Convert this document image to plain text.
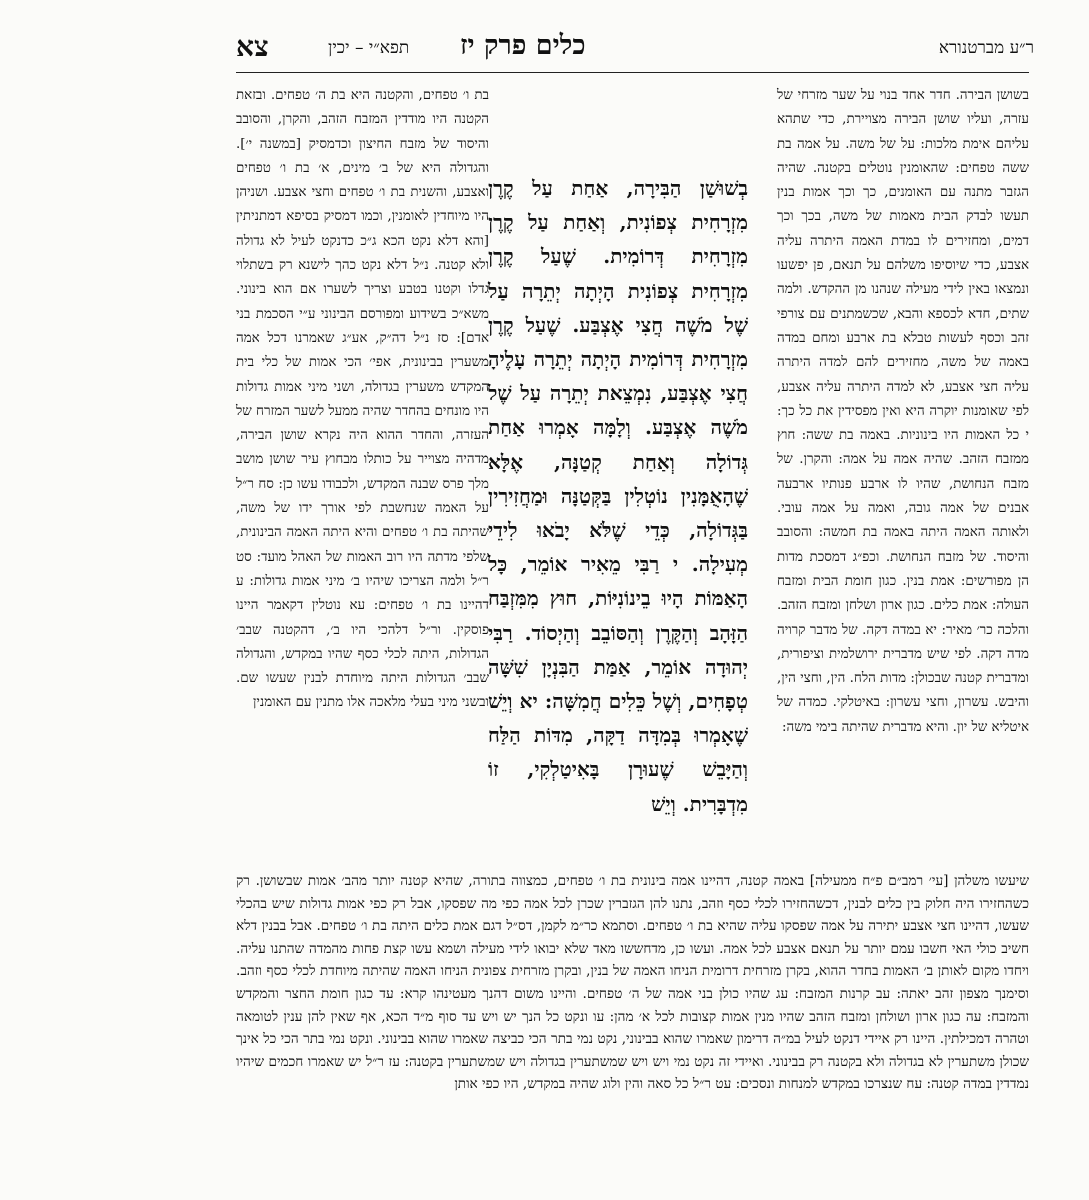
ר״ע מברטנורא
כלים פרק יז
תפא״י – יכין
צא

בשושן הבירה. חדר אחד בנוי על שער מזרחי של עזרה, ועליו שושן הבירה מצויירת, כדי שתהא עליהם אימת מלכות: על של משה. על אמה בת ששה טפחים: שהאומנין נוטלים בקטנה. שהיה הגזבר מתנה עם האומנים, כך וכך אמות בנין תעשו לבדק הבית מאמות של משה, בכך וכך דמים, ומחזירים לו במדת האמה היתרה עליה אצבע, כדי שיוסיפו משלהם על תנאם, פן יפשעו ונמצאו באין לידי מעילה שנהנו מן ההקדש. ולמה שתים, חדא לכספא והבא, שכשמתנים עם צורפי זהב וכסף לעשות טבלא בת ארבע ומחם במדה באמה של משה, מחזירים להם למדה היתרה עליה חצי אצבע, לא למדה היתרה עליה אצבע, לפי שאומנות יוקרה היא ואין מפסידין את כל כך: י כל האמות היו בינוניות. באמה בת ששה: חוץ ממזבח הזהב. שהיה אמה על אמה: והקרן. של מזבח הנחושת, שהיו לו ארבע פנותיו ארבעה אבנים של אמה גובה, ואמה על אמה עובי. ולאותה האמה היתה באמה בת חמשה: והסובב והיסוד. של מזבח הנחושת. וכפ״ג דמסכת מדות הן מפורשים: אמת בנין. כגון חומת הבית ומזבח העולה: אמת כלים. כגון ארון ושלחן ומזבח הזהב. והלכה כר׳ מאיר: יא במדה דקה. של מדבר קרויה מדה דקה. לפי שיש מדברית ירושלמית וציפורית, ומדברית קטנה שבכולן: מדות הלח. הין, וחצי הין, והיבש. עשרון, וחצי עשרון: באיטלקי. כמדה של איטליא של יון. והיא מדברית שהיתה בימי משה:

בְשׁוּשַׁן הַבִּירָה, אַחַת עַל קֶרֶן מִזְרָחִית צְפוֹנִית, וְאַחַת עַל קֶרֶן מִזְרָחִית דְּרוֹמִית. שֶׁעַל קֶרֶן מִזְרָחִית צְפוֹנִית הָיְתָה יְתֵרָה עַל שֶׁל מֹשֶׁה חֲצִי אֶצְבַּע. שֶׁעַל קֶרֶן מִזְרָחִית דְּרוֹמִית הָיְתָה יְתֵרָה עָלֶיהָ חֲצִי אֶצְבַּע, נִמְצֵאת יְתֵרָה עַל שֶׁל מֹשֶׁה אֶצְבַּע. וְלָמָּה אָמְרוּ אַחַת גְּדוֹלָה וְאַחַת קְטַנָּה, אֶלָּא שֶׁהָאֻמָּנִין נוֹטְלִין בַּקְּטַנָּה וּמַחֲזִירִין בַּגְּדוֹלָה, כְּדֵי שֶׁלֹּא יָבֹאוּ לִידֵי מְעִילָה. י רַבִּי מֵאִיר אוֹמֵר, כָּל הָאַמּוֹת הָיוּ בֵינוֹנִיּוֹת, חוּץ מִמִּזְבַּח הַזָּהָב וְהַקֶּרֶן וְהַסּוֹבֵב וְהַיְסוֹד. רַבִּי יְהוּדָה אוֹמֵר, אַמַּת הַבִּנְיָן שִׁשָּׁה טְפָחִים, וְשֶׁל כֵּלִים חֲמִשָּׁה: יא וְיֵשׁ שֶׁאָמְרוּ בְּמִדָּה דַקָּה, מִדּוֹת הַלַּח וְהַיָּבֵשׁ שֶׁעוּרָן בָּאִיטַלְקִי, זוֹ מִדְבָּרִית. וְיֵשׁ

בת ו׳ טפחים, והקטנה היא בת ה׳ טפחים. ובזאת הקטנה היו מודדין המזבח הזהב, והקרן, והסובב והיסוד של מזבח החיצון וכדמסיק [במשנה י׳]. והגדולה היא של ב׳ מינים, א׳ בת ו׳ טפחים ואצבע, והשנית בת ו׳ טפחים וחצי אצבע. ושניהן היו מיוחדין לאומנין, וכמו דמסיק בסיפא דמתניתין [והא דלא נקט הכא ג״כ כדנקט לעיל לא גדולה ולא קטנה. נ״ל דלא נקט כהך לישנא רק בשתלוי גדלו וקטנו בטבע וצריך לשערו אם הוא בינוני. משא״כ בשידוע ומפורסם הבינוני ע״י הסכמת בני אדם]: סז נ״ל דה״ק, אע״ג שאמרנו דכל אמה משערין בבינונית, אפי׳ הכי אמות של כלי בית המקדש משערין בגדולה, ושני מיני אמות גדולות היו מונחים בהחדר שהיה ממעל לשער המזרח של העזרה, והחדר ההוא היה נקרא שושן הבירה, מדהיה מצוייר על כותלו מבחוץ עיר שושן מושב מלך פרס שבנה המקדש, ולכבודו עשו כן: סח ר״ל על האמה שנחשבת לפי אורך ידו של משה, שהיתה בת ו׳ טפחים והיא היתה האמה הבינונית, שלפי מדתה היו רוב האמות של האהל מועד: סט ר״ל ולמה הצריכו שיהיו ב׳ מיני אמות גדולות: ע דהיינו בת ו׳ טפחים: עא נוטלין דקאמר היינו פוסקין. ור״ל דלהכי היו ב׳, דהקטנה שבב׳ הגדולות, היתה לכלי כסף שהיו במקדש, והגדולה שבב׳ הגדולות היתה מיוחדת לבנין שעשו שם. ובשני מיני בעלי מלאכה אלו מתנין עם האומנין

שיעשו משלהן [עי׳ רמב״ם פ״ח ממעילה] באמה קטנה, דהיינו אמה בינונית בת ו׳ טפחים, כמצווה בתורה, שהיא קטנה יותר מהב׳ אמות שבשושן. רק כשהחזירו היה חלוק בין כלים לבנין, דכשהחזירו לכלי כסף וזהב, נתנו להן הגזברין שכרן לכל אמה כפי מה שפסקו, אבל רק כפי אמות גדולות שיש בהכלי שעשו, דהיינו חצי אצבע יתירה על אמה שפסקו עליה שהיא בת ו׳ טפחים. וסתמא כר״מ לקמן, דס״ל דגם אמת כלים היתה בת ו׳ טפחים. אבל בבנין דלא חשיב כולי האי חשבו עמם יותר על תנאם אצבע לכל אמה. ועשו כן, מדחששו מאד שלא יבואו לידי מעילה ושמא עשו קצת פחות מהמדה שהתנו עליה. ויחדו מקום לאותן ב׳ האמות בחדר ההוא, בקרן מזרחית דרומית הניחו האמה של בנין, ובקרן מזרחית צפונית הניחו האמה שהיתה מיוחדת לכלי כסף וזהב. וסימנך מצפון זהב יאתה: עב קרנות המזבח: עג שהיו כולן בני אמה של ה׳ טפחים. והיינו משום דהנך מעטינהו קרא: עד כגון חומת החצר והמקדש והמזבח: עה כגון ארון ושולחן ומזבח הזהב שהיו מנין אמות קצובות לכל א׳ מהן: עו ונקט כל הנך יש ויש עד סוף מ״ד הכא, אף שאין להן ענין לטומאה וטהרה דמכילתין. היינו רק איידי דנקט לעיל במ״ה דרימון שאמרו שהוא בבינוני, נקט נמי בתר הכי כביצה שאמרו שהוא בבינוני. ונקט נמי בתר הכי כל אינך שכולן משתערין לא בגדולה ולא בקטנה רק בבינוני. ואיידי זה נקט נמי ויש ויש שמשתערין בגדולה ויש שמשתערין בקטנה: עז ר״ל יש שאמרו חכמים שיהיו נמדדין במדה קטנה: עח שנצרכו במקדש למנחות ונסכים: עט ר״ל כל סאה והין ולוג שהיה במקדש, היו כפי אותן
